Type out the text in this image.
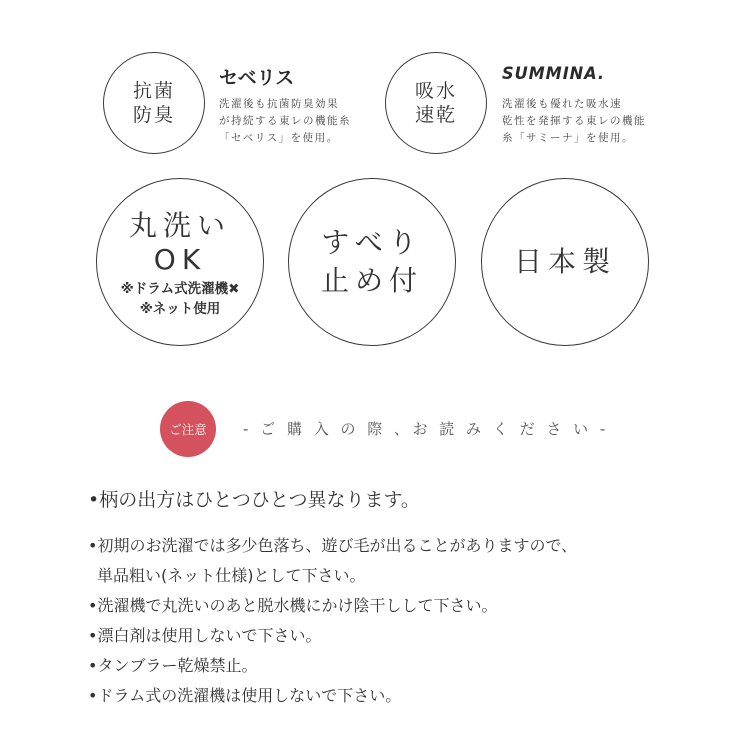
抗菌
防臭
セベリス
洗濯後も抗菌防臭効果
が持続する東レの機能糸
「セベリス」を使用。
吸水
速乾
SUMMINA.
洗濯後も優れた吸水速
乾性を発揮する東レの機能
糸「サミーナ」を使用。
丸洗い
OK
※ドラム式洗濯機✖
※ネット使用
すべり
止め付
日本製
ご注意 - ご 購 入 の 際 、お 読 み く だ さ い -
•柄の出方はひとつひとつ異なります。
•初期のお洗濯では多少色落ち、遊び毛が出ることがありますので、
単品粗い(ネット仕様)として下さい。
•洗濯機で丸洗いのあと脱水機にかけ陰干しして下さい。
•漂白剤は使用しないで下さい。
•タンブラー乾燥禁止。
•ドラム式の洗濯機は使用しないで下さい。
